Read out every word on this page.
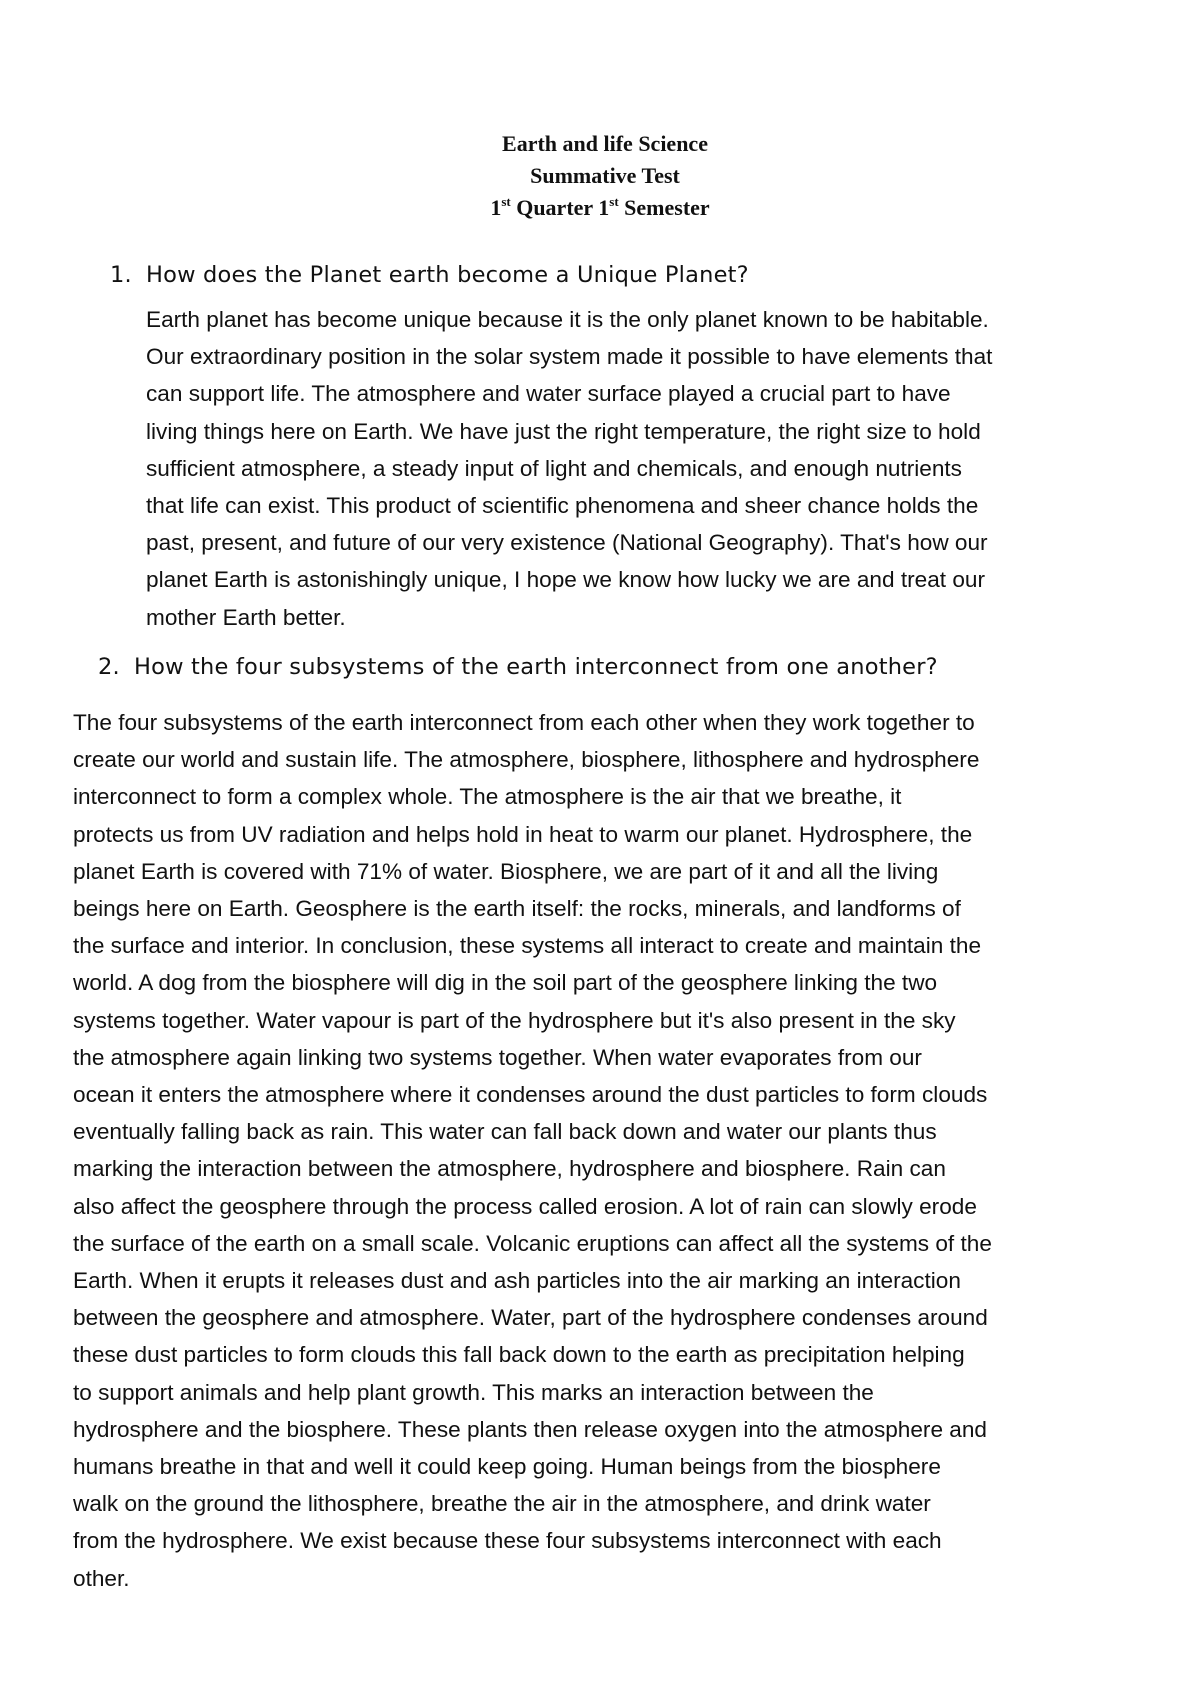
Earth and life Science
Summative Test
1st Quarter 1st Semester
1. How does the Planet earth become a Unique Planet?
Earth planet has become unique because it is the only planet known to be habitable.
Our extraordinary position in the solar system made it possible to have elements that
can support life. The atmosphere and water surface played a crucial part to have
living things here on Earth. We have just the right temperature, the right size to hold
sufficient atmosphere, a steady input of light and chemicals, and enough nutrients
that life can exist. This product of scientific phenomena and sheer chance holds the
past, present, and future of our very existence (National Geography). That's how our
planet Earth is astonishingly unique, I hope we know how lucky we are and treat our
mother Earth better.
2. How the four subsystems of the earth interconnect from one another?
The four subsystems of the earth interconnect from each other when they work together to
create our world and sustain life. The atmosphere, biosphere, lithosphere and hydrosphere
interconnect to form a complex whole. The atmosphere is the air that we breathe, it
protects us from UV radiation and helps hold in heat to warm our planet. Hydrosphere, the
planet Earth is covered with 71% of water. Biosphere, we are part of it and all the living
beings here on Earth. Geosphere is the earth itself: the rocks, minerals, and landforms of
the surface and interior. In conclusion, these systems all interact to create and maintain the
world. A dog from the biosphere will dig in the soil part of the geosphere linking the two
systems together. Water vapour is part of the hydrosphere but it's also present in the sky
the atmosphere again linking two systems together. When water evaporates from our
ocean it enters the atmosphere where it condenses around the dust particles to form clouds
eventually falling back as rain. This water can fall back down and water our plants thus
marking the interaction between the atmosphere, hydrosphere and biosphere. Rain can
also affect the geosphere through the process called erosion. A lot of rain can slowly erode
the surface of the earth on a small scale. Volcanic eruptions can affect all the systems of the
Earth. When it erupts it releases dust and ash particles into the air marking an interaction
between the geosphere and atmosphere. Water, part of the hydrosphere condenses around
these dust particles to form clouds this fall back down to the earth as precipitation helping
to support animals and help plant growth. This marks an interaction between the
hydrosphere and the biosphere. These plants then release oxygen into the atmosphere and
humans breathe in that and well it could keep going. Human beings from the biosphere
walk on the ground the lithosphere, breathe the air in the atmosphere, and drink water
from the hydrosphere. We exist because these four subsystems interconnect with each
other.
